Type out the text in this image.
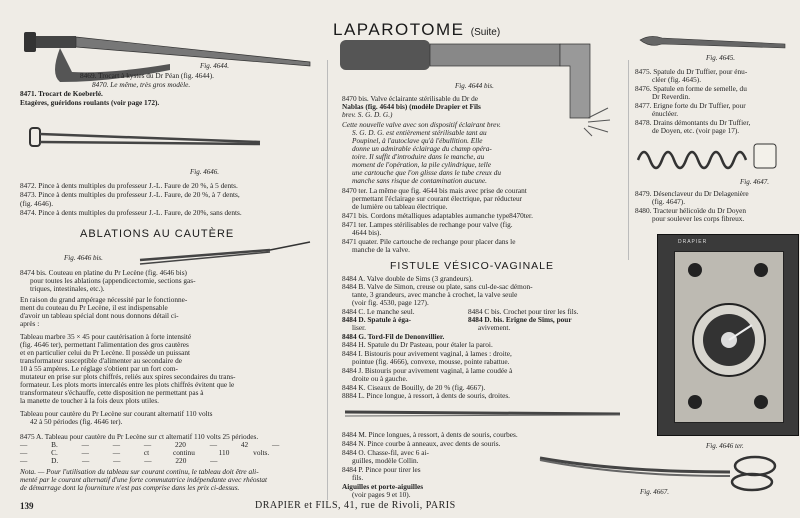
LAPAROTOME (Suite)
Fig. 4644.
8469. Trocart à kystes du Dr Péan (fig. 4644).
8470. Le même, très gros modèle.
8471. Trocart de Koeberlé.
Etagères, guéridons roulants (voir page 172).
Fig. 4646.
8472. Pince à dents multiples du professeur J.-L. Faure de 20 %, à 5 dents.
8473. Pince à dents multiples du professeur J.-L. Faure, de 20 %, à 7 dents,
(fig. 4646).
8474. Pince à dents multiples du professeur J.-L. Faure, de 20%, sans dents.
ABLATIONS AU CAUTÈRE
Fig. 4646 bis.
8474 bis. Couteau en platine du Pr Lecène (fig. 4646 bis)
pour toutes les ablations (appendicectomie, sections gas-
triques, intestinales, etc.).
En raison du grand ampérage nécessité par le fonctionne-
ment du couteau du Pr Lecène, il est indispensable
d'avoir un tableau spécial dont nous donnons détail ci-
après :
Tableau marbre 35 × 45 pour cautérisation à forte intensité
(fig. 4646 ter), permettant l'alimentation des gros cautères
et en particulier celui du Pr Lecène. Il possède un puissant
transformateur susceptible d'alimenter au secondaire de
10 à 55 ampères. Le réglage s'obtient par un fort com-
mutateur en prise sur plots chiffrés, reliés aux spires secondaires du trans-
formateur. Les plots morts intercalés entre les plots chiffrés évitent que le
transformateur s'échauffe, cette disposition ne permettant pas à
la manette de toucher à la fois deux plots utiles.
Tableau pour cautère du Pr Lecène sur courant alternatif 110 volts
42 à 50 périodes (fig. 4646 ter).
8475 A. Tableau pour cautère du Pr Lecène sur ct alternatif 110 volts 25 périodes.
— B. — — — 220 — 42 —
— C. — — ct continu 110 volts.
— D. — — — 220 —
Nota. — Pour l'utilisation du tableau sur courant continu, le tableau doit être ali-
menté par le courant alternatif d'une forte commutatrice indépendante avec rhéostat
de démarrage dont la fourniture n'est pas comprise dans les prix ci-dessus.
Fig. 4644 bis.
8470 bis. Valve éclairante stérilisable du Dr de
Nablas (fig. 4644 bis) (modèle Drapier et Fils
brev. S. G. D. G.)
Cette nouvelle valve avec son dispositif éclairant brev.
S. G. D. G. est entièrement stérilisable tant au
Poupinel, à l'autoclave qu'à l'ébullition. Elle
donne un admirable éclairage du champ opéra-
toire. Il suffit d'introduire dans le manche, au
moment de l'opération, la pile cylindrique, telle
une cartouche que l'on glisse dans le tube creux du
manche sans risque de contamination aucune.
8470 ter. La même que fig. 4644 bis mais avec prise de courant
permettant l'éclairage sur courant électrique, par réducteur
de lumière ou tableau électrique.
8471 bis. Cordons métalliques adaptables aumanche type8470ter.
8471 ter. Lampes stérilisables de rechange pour valve (fig.
4644 bis).
8471 quater. Pile cartouche de rechange pour placer dans le
manche de la valve.
FISTULE VÉSICO-VAGINALE
8484 A. Valve double de Sims (3 grandeurs).
8484 B. Valve de Simon, creuse ou plate, sans cul-de-sac démon-
tante, 3 grandeurs, avec manche à crochet, la valve seule
(voir fig. 4530, page 127).
8484 C. Le manche seul.	8484 C bis. Crochet pour tirer les fils.
8484 D. Spatule à éga-	8484 D. bis. Erigne de Sims, pour
liser.	avivement.
8484 G. Tord-Fil de Denonvillier.
8484 H. Spatule du Dr Pasteau, pour étaler la paroi.
8484 I. Bistouris pour avivement vaginal, à lames : droite,
pointue (fig. 4666), convexe, mousse, pointe rabattue.
8484 J. Bistouris pour avivement vaginal, à lame coudée à
droite ou à gauche.
8484 K. Ciseaux de Bouilly, de 20 % (fig. 4667).
8884 L. Pince longue, à ressort, à dents de souris, droites.
8484 M. Pince longues, à ressort, à dents de souris, courbes.
8484 N. Pince courbe à anneaux, avec dents de souris.
8484 O. Chasse-fil, avec 6 ai-
guilles, modèle Collin.
8484 P. Pince pour tirer les
fils.
Aiguilles et porte-aiguilles
(voir pages 9 et 10).
Fig. 4645.
8475. Spatule du Dr Tuffier, pour énu-
cléer (fig. 4645).
8476. Spatule en forme de semelle, du
Dr Reverdin.
8477. Erigne forte du Dr Tuffier, pour
énucléer.
8478. Drains démontants du Dr Tuffier,
de Doyen, etc. (voir page 17).
Fig. 4647.
8479. Désenclaveur du Dr Delagenière
(fig. 4647).
8480. Tracteur hélicoïde du Dr Doyen
pour soulever les corps fibreux.
DRAPIER
Fig. 4646 ter.
Fig. 4667.
139	DRAPIER et FILS, 41, rue de Rivoli, PARIS
